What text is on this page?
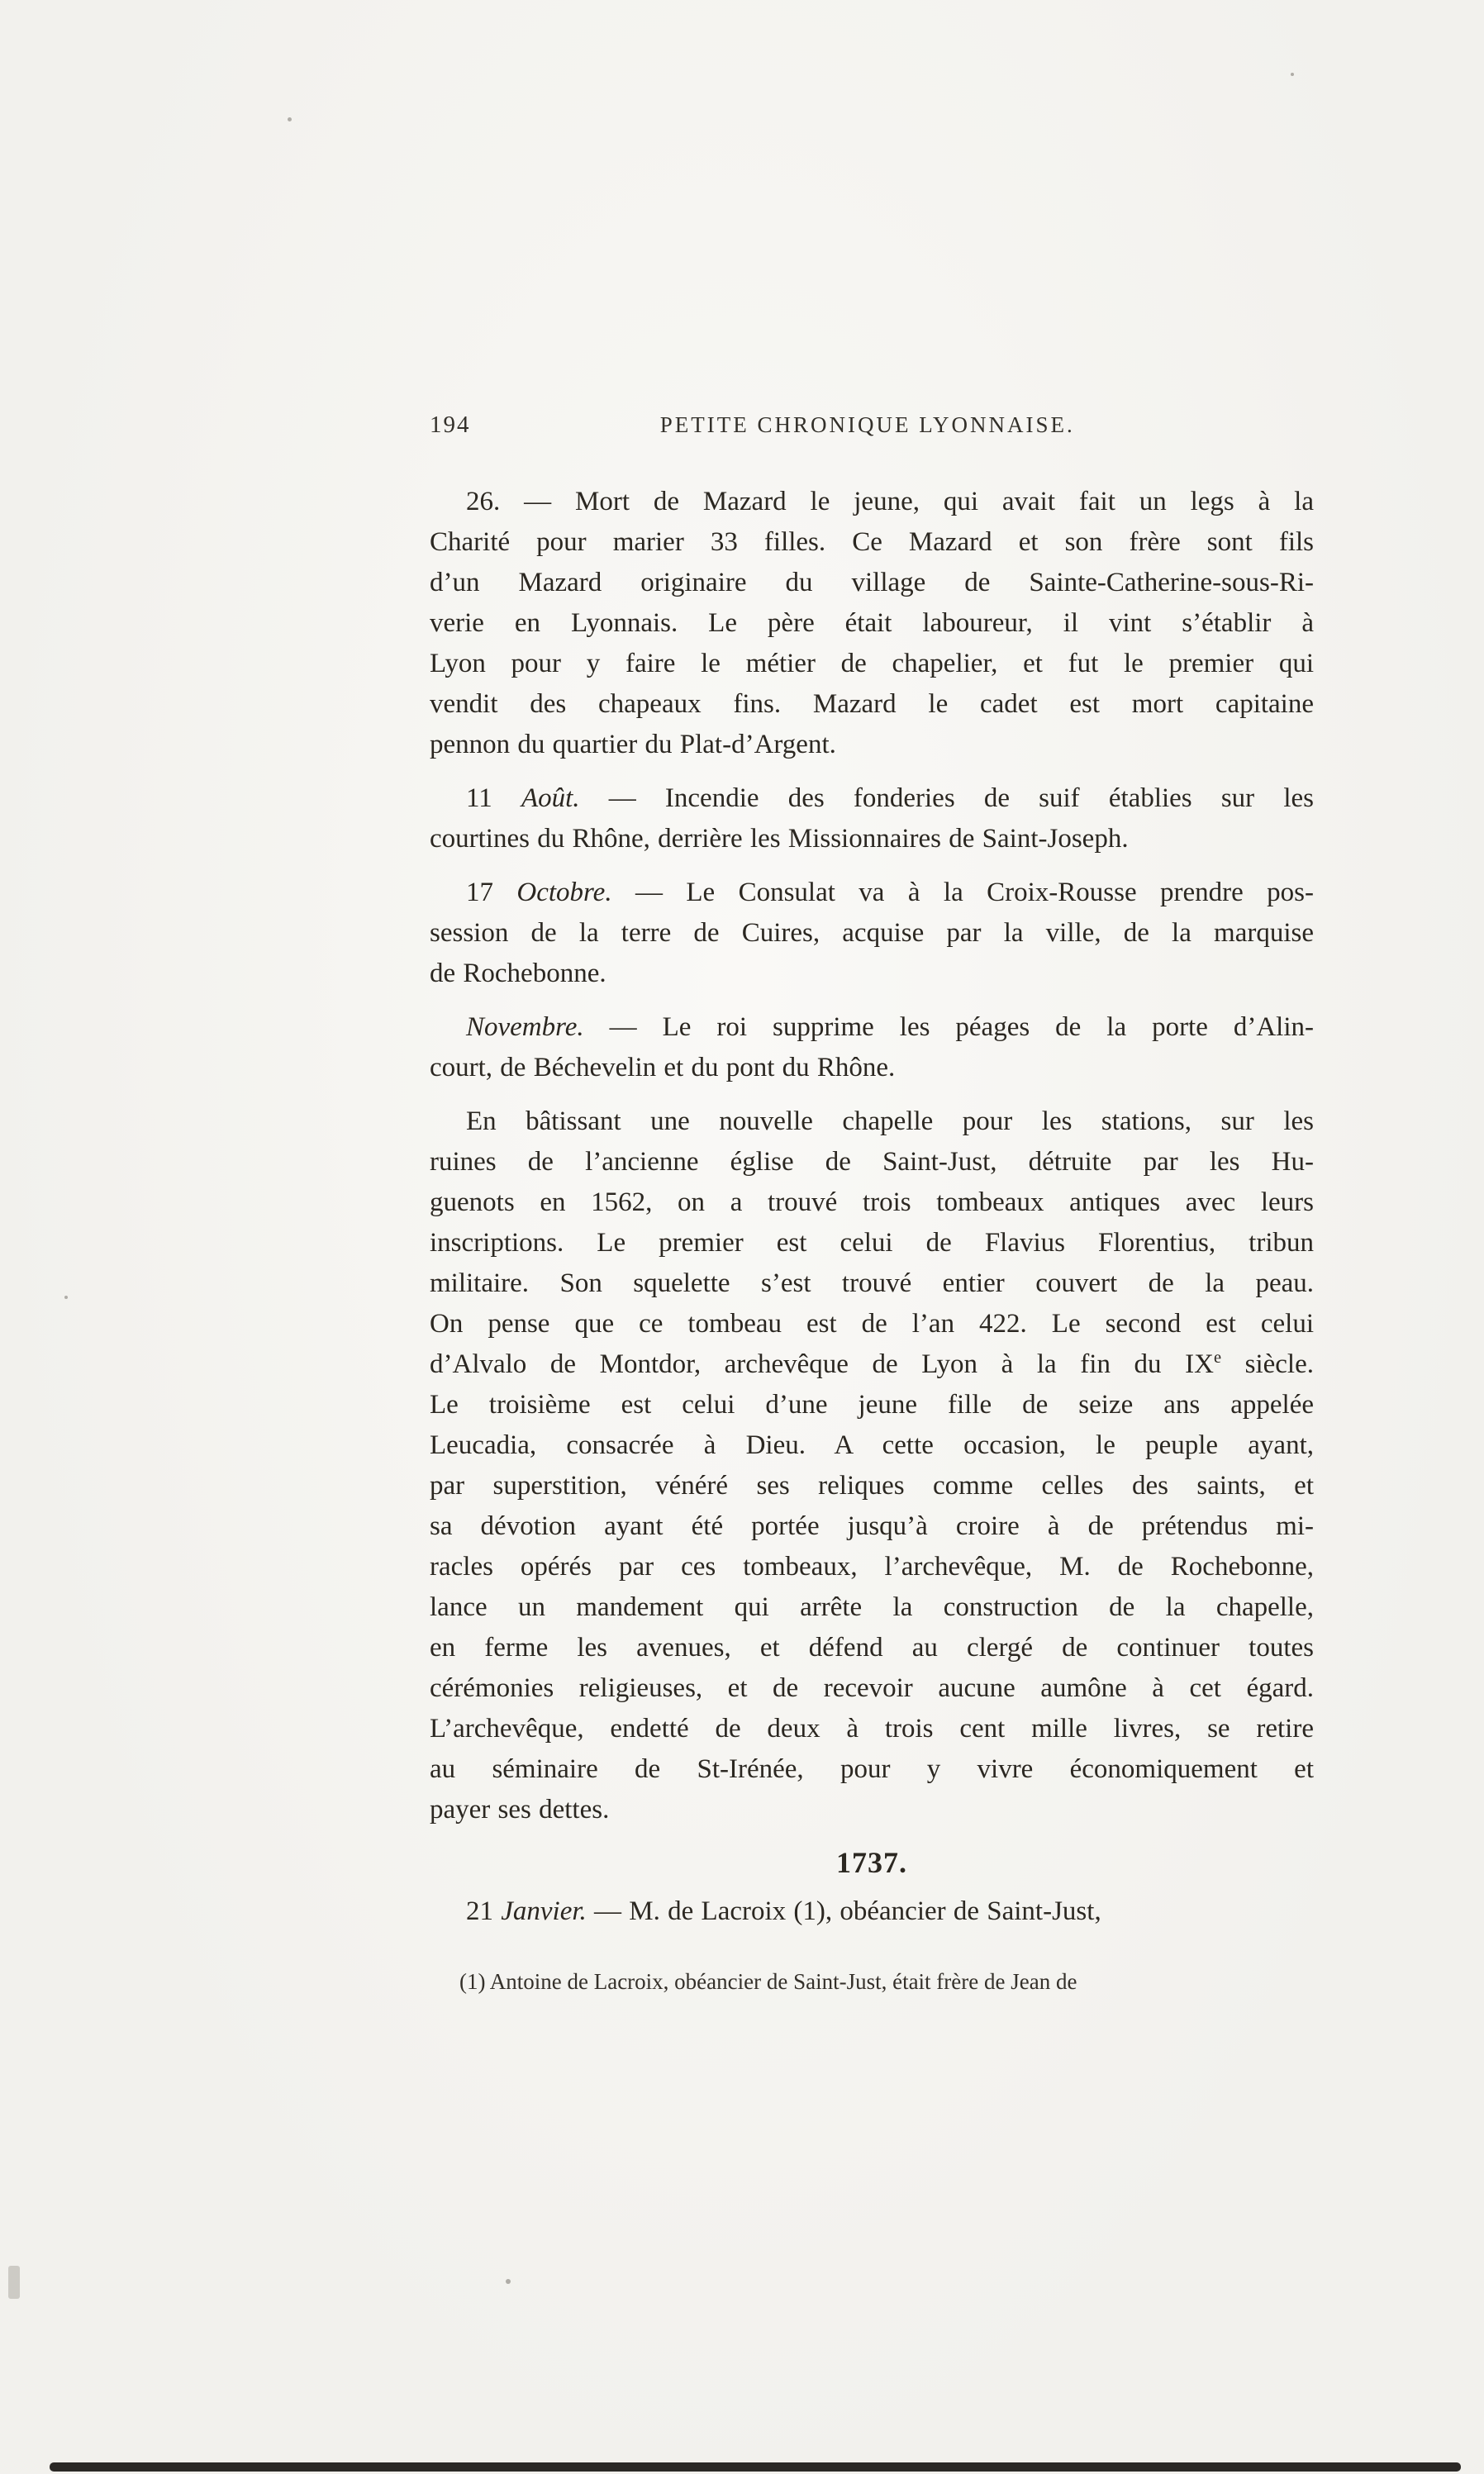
194	PETITE CHRONIQUE LYONNAISE.

26. — Mort de Mazard le jeune, qui avait fait un legs à la
Charité pour marier 33 filles. Ce Mazard et son frère sont fils
d’un Mazard originaire du village de Sainte-Catherine-sous-Ri-
verie en Lyonnais. Le père était laboureur, il vint s’établir à
Lyon pour y faire le métier de chapelier, et fut le premier qui
vendit des chapeaux fins. Mazard le cadet est mort capitaine
pennon du quartier du Plat-d’Argent.

11 Août. — Incendie des fonderies de suif établies sur les
courtines du Rhône, derrière les Missionnaires de Saint-Joseph.

17 Octobre. — Le Consulat va à la Croix-Rousse prendre pos-
session de la terre de Cuires, acquise par la ville, de la marquise
de Rochebonne.

Novembre. — Le roi supprime les péages de la porte d’Alin-
court, de Béchevelin et du pont du Rhône.

En bâtissant une nouvelle chapelle pour les stations, sur les
ruines de l’ancienne église de Saint-Just, détruite par les Hu-
guenots en 1562, on a trouvé trois tombeaux antiques avec leurs
inscriptions. Le premier est celui de Flavius Florentius, tribun
militaire. Son squelette s’est trouvé entier couvert de la peau.
On pense que ce tombeau est de l’an 422. Le second est celui
d’Alvalo de Montdor, archevêque de Lyon à la fin du IXe siècle.
Le troisième est celui d’une jeune fille de seize ans appelée
Leucadia, consacrée à Dieu. A cette occasion, le peuple ayant,
par superstition, vénéré ses reliques comme celles des saints, et
sa dévotion ayant été portée jusqu’à croire à de prétendus mi-
racles opérés par ces tombeaux, l’archevêque, M. de Rochebonne,
lance un mandement qui arrête la construction de la chapelle,
en ferme les avenues, et défend au clergé de continuer toutes
cérémonies religieuses, et de recevoir aucune aumône à cet égard.
L’archevêque, endetté de deux à trois cent mille livres, se retire
au séminaire de St-Irénée, pour y vivre économiquement et
payer ses dettes.

1737.

21 Janvier. — M. de Lacroix (1), obéancier de Saint-Just,

(1) Antoine de Lacroix, obéancier de Saint-Just, était frère de Jean de
